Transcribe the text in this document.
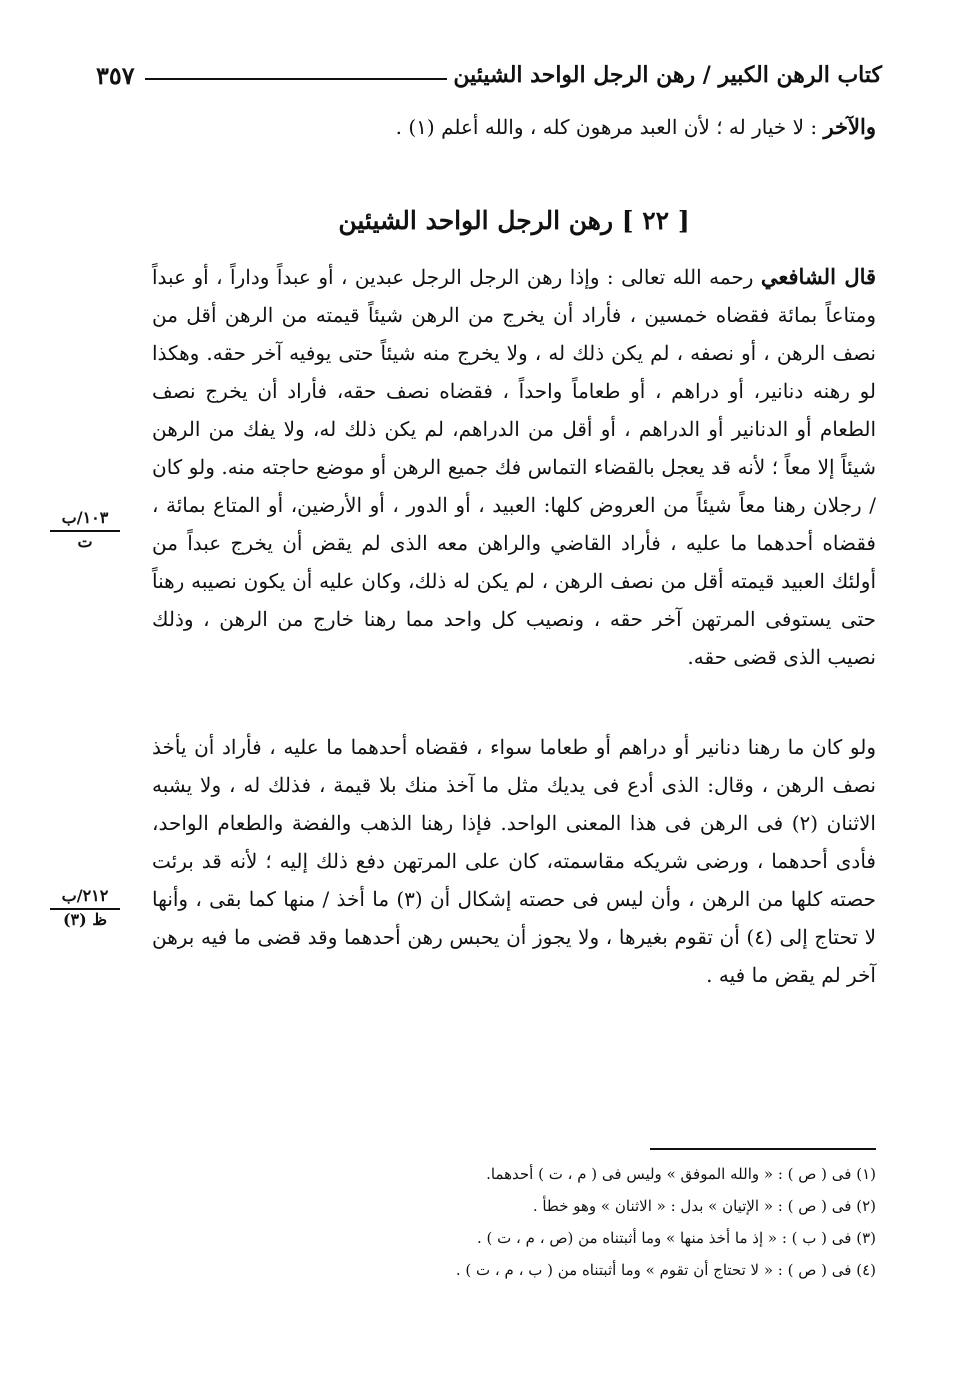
كتاب الرهن الكبير / رهن الرجل الواحد الشيئين
٣٥٧
والآخر : لا خيار له ؛ لأن العبد مرهون كله ، والله أعلم (١) .
[ ٢٢ ] رهن الرجل الواحد الشيئين

قال الشافعي رحمه الله تعالى : وإذا رهن الرجل الرجل عبدين ، أو عبداً وداراً ، أو عبداً ومتاعاً بمائة فقضاه خمسين ، فأراد أن يخرج من الرهن شيئاً قيمته من الرهن أقل من نصف الرهن ، أو نصفه ، لم يكن ذلك له ، ولا يخرج منه شيئاً حتى يوفيه آخر حقه. وهكذا لو رهنه دنانير، أو دراهم ، أو طعاماً واحداً ، فقضاه نصف حقه، فأراد أن يخرج نصف الطعام أو الدنانير أو الدراهم ، أو أقل من الدراهم، لم يكن ذلك له، ولا يفك من الرهن شيئاً إلا معاً ؛ لأنه قد يعجل بالقضاء التماس فك جميع الرهن أو موضع حاجته منه. ولو كان / رجلان رهنا معاً شيئاً من العروض كلها: العبيد ، أو الدور ، أو الأرضين، أو المتاع بمائة ، فقضاه أحدهما ما عليه ، فأراد القاضي والراهن معه الذى لم يقض أن يخرج عبداً من أولئك العبيد قيمته أقل من نصف الرهن ، لم يكن له ذلك، وكان عليه أن يكون نصيبه رهناً حتى يستوفى المرتهن آخر حقه ، ونصيب كل واحد مما رهنا خارج من الرهن ، وذلك نصيب الذى قضى حقه.

ولو كان ما رهنا دنانير أو دراهم أو طعاما سواء ، فقضاه أحدهما ما عليه ، فأراد أن يأخذ نصف الرهن ، وقال: الذى أدع فى يديك مثل ما آخذ منك بلا قيمة ، فذلك له ، ولا يشبه الاثنان (٢) فى الرهن فى هذا المعنى الواحد. فإذا رهنا الذهب والفضة والطعام الواحد، فأدى أحدهما ، ورضى شريكه مقاسمته، كان على المرتهن دفع ذلك إليه ؛ لأنه قد برئت حصته كلها من الرهن ، وأن ليس فى حصته إشكال أن (٣) ما أخذ / منها كما بقى ، وأنها لا تحتاج إلى (٤) أن تقوم بغيرها ، ولا يجوز أن يحبس رهن أحدهما وقد قضى ما فيه برهن آخر لم يقض ما فيه .

١٠٣/ب
ت
٢١٢/ب
ظ (٣)
(١) فى ( ص ) : « والله الموفق » وليس فى ( م ، ت ) أحدهما.
(٢) فى ( ص ) : « الإتيان » بدل : « الاثنان » وهو خطأ .
(٣) فى ( ب ) : « إذ ما أخذ منها » وما أثبتناه من (ص ، م ، ت ) .
(٤) فى ( ص ) : « لا تحتاج أن تقوم » وما أثبتناه من ( ب ، م ، ت ) .
